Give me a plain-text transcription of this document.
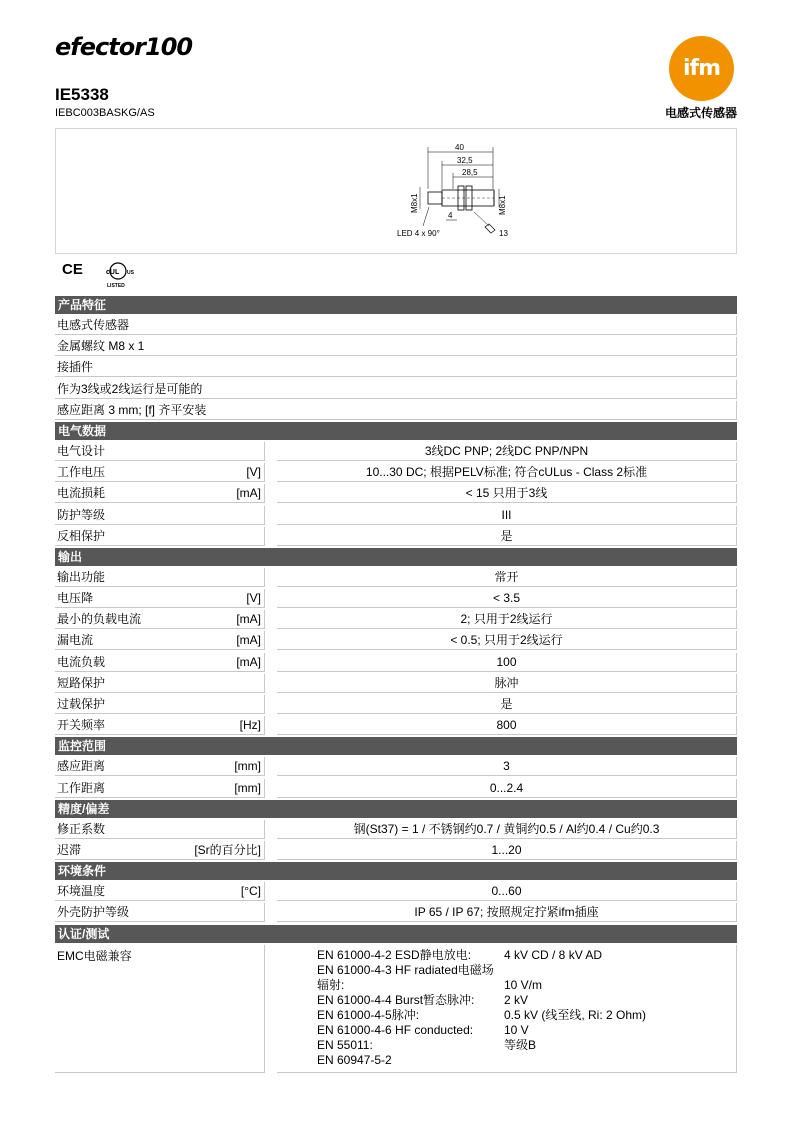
efector100
ifm
IE5338
IEBC003BASKG/AS	电感式传感器
40
32,5
28,5
M8x1	M8x1
4
LED 4 x 90°	13
CE	cUL US
LISTED
产品特征
电感式传感器
金属螺纹 M8 x 1
接插件
作为3线或2线运行是可能的
感应距离 3 mm; [f] 齐平安装
电气数据
电气设计	3线DC PNP; 2线DC PNP/NPN
工作电压	[V]	10...30 DC; 根据PELV标准; 符合cULus - Class 2标准
电流损耗	[mA]	< 15 只用于3线
防护等级	III
反相保护	是
输出
输出功能	常开
电压降	[V]	< 3.5
最小的负载电流	[mA]	2; 只用于2线运行
漏电流	[mA]	< 0.5; 只用于2线运行
电流负载	[mA]	100
短路保护	脉冲
过载保护	是
开关频率	[Hz]	800
监控范围
感应距离	[mm]	3
工作距离	[mm]	0...2.4
精度/偏差
修正系数	钢(St37) = 1 / 不锈钢约0.7 / 黄铜约0.5 / Al约0.4 / Cu约0.3
迟滞	[Sr的百分比]	1...20
环境条件
环境温度	[°C]	0...60
外壳防护等级	IP 65 / IP 67; 按照规定拧紧ifm插座
认证/测试
EMC电磁兼容	EN 61000-4-2 ESD静电放电:	4 kV CD / 8 kV AD
EN 61000-4-3 HF radiated电磁场
辐射:	10 V/m
EN 61000-4-4 Burst暂态脉冲: 2 kV
EN 61000-4-5脉冲:	0.5 kV (线至线, Ri: 2 Ohm)
EN 61000-4-6 HF conducted:	10 V
EN 55011:	等级B
EN 60947-5-2
